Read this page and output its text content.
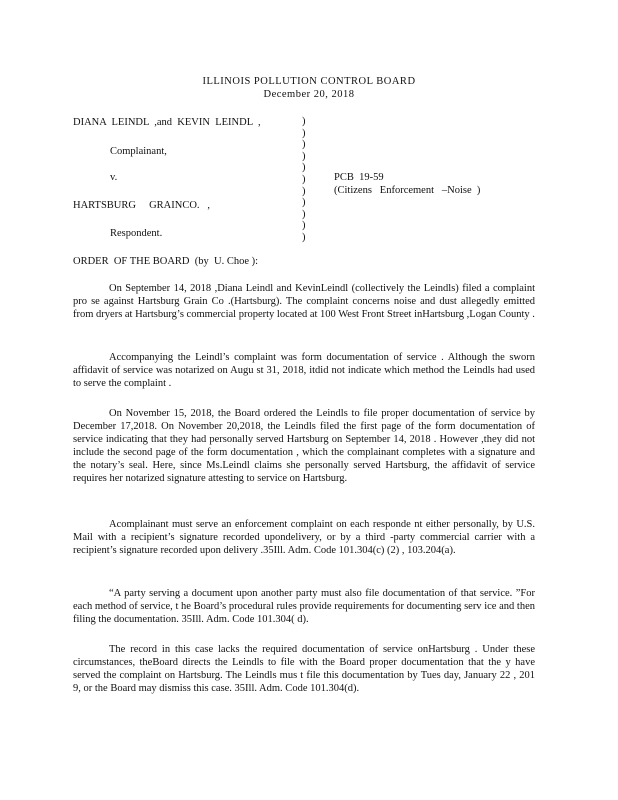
ILLINOIS POLLUTION CONTROL BOARD
December 20, 2018
DIANA  LEINDL  ,and  KEVIN  LEINDL  ,
Complainant,
v.
HARTSBURG     GRAINCO.   ,
Respondent.
)
)
)
)
)
)
)
)
)
)
)
PCB  19-59
(Citizens   Enforcement   –Noise  )
ORDER  OF THE BOARD  (by  U. Choe ):

On September 14, 2018 ,Diana Leindl and KevinLeindl (collectively the Leindls) filed a complaint pro se against Hartsburg Grain Co .(Hartsburg). The complaint concerns noise and dust allegedly emitted from dryers at Hartsburg’s commercial property located at 100 West Front Street inHartsburg ,Logan County .

Accompanying the Leindl’s complaint was form documentation of service . Although the sworn affidavit of service was notarized on Augu st 31, 2018, itdid not indicate which method the Leindls had used to serve the complaint .

On November 15, 2018, the Board ordered the Leindls to file proper documentation of service by December 17,2018. On November 20,2018, the Leindls filed the first page of the form documentation of service indicating that they had personally served Hartsburg on September 14, 2018 . However ,they did not include the second page of the form documentation , which the complainant completes with a signature and the notary’s seal. Here, since Ms.Leindl claims she personally served Hartsburg, the affidavit of service requires her notarized signature attesting to service on Hartsburg.

Acomplainant must serve an enforcement complaint on each responde nt either personally, by U.S. Mail with a recipient’s signature recorded upondelivery, or by a third -party commercial carrier with a recipient’s signature recorded upon delivery .35Ill. Adm. Code 101.304(c) (2) , 103.204(a).

“A party serving a document upon another party must also file documentation of that service. ”For each method of service, t he Board’s procedural rules provide requirements for documenting serv ice and then filing the documentation. 35Ill. Adm. Code 101.304( d).

The record in this case lacks the required documentation of service onHartsburg . Under these circumstances, theBoard directs the Leindls to file with the Board proper documentation that the y have served the complaint on Hartsburg. The Leindls mus t file this documentation by Tues day, January 22 , 201 9, or the Board may dismiss this case. 35Ill. Adm. Code 101.304(d).
